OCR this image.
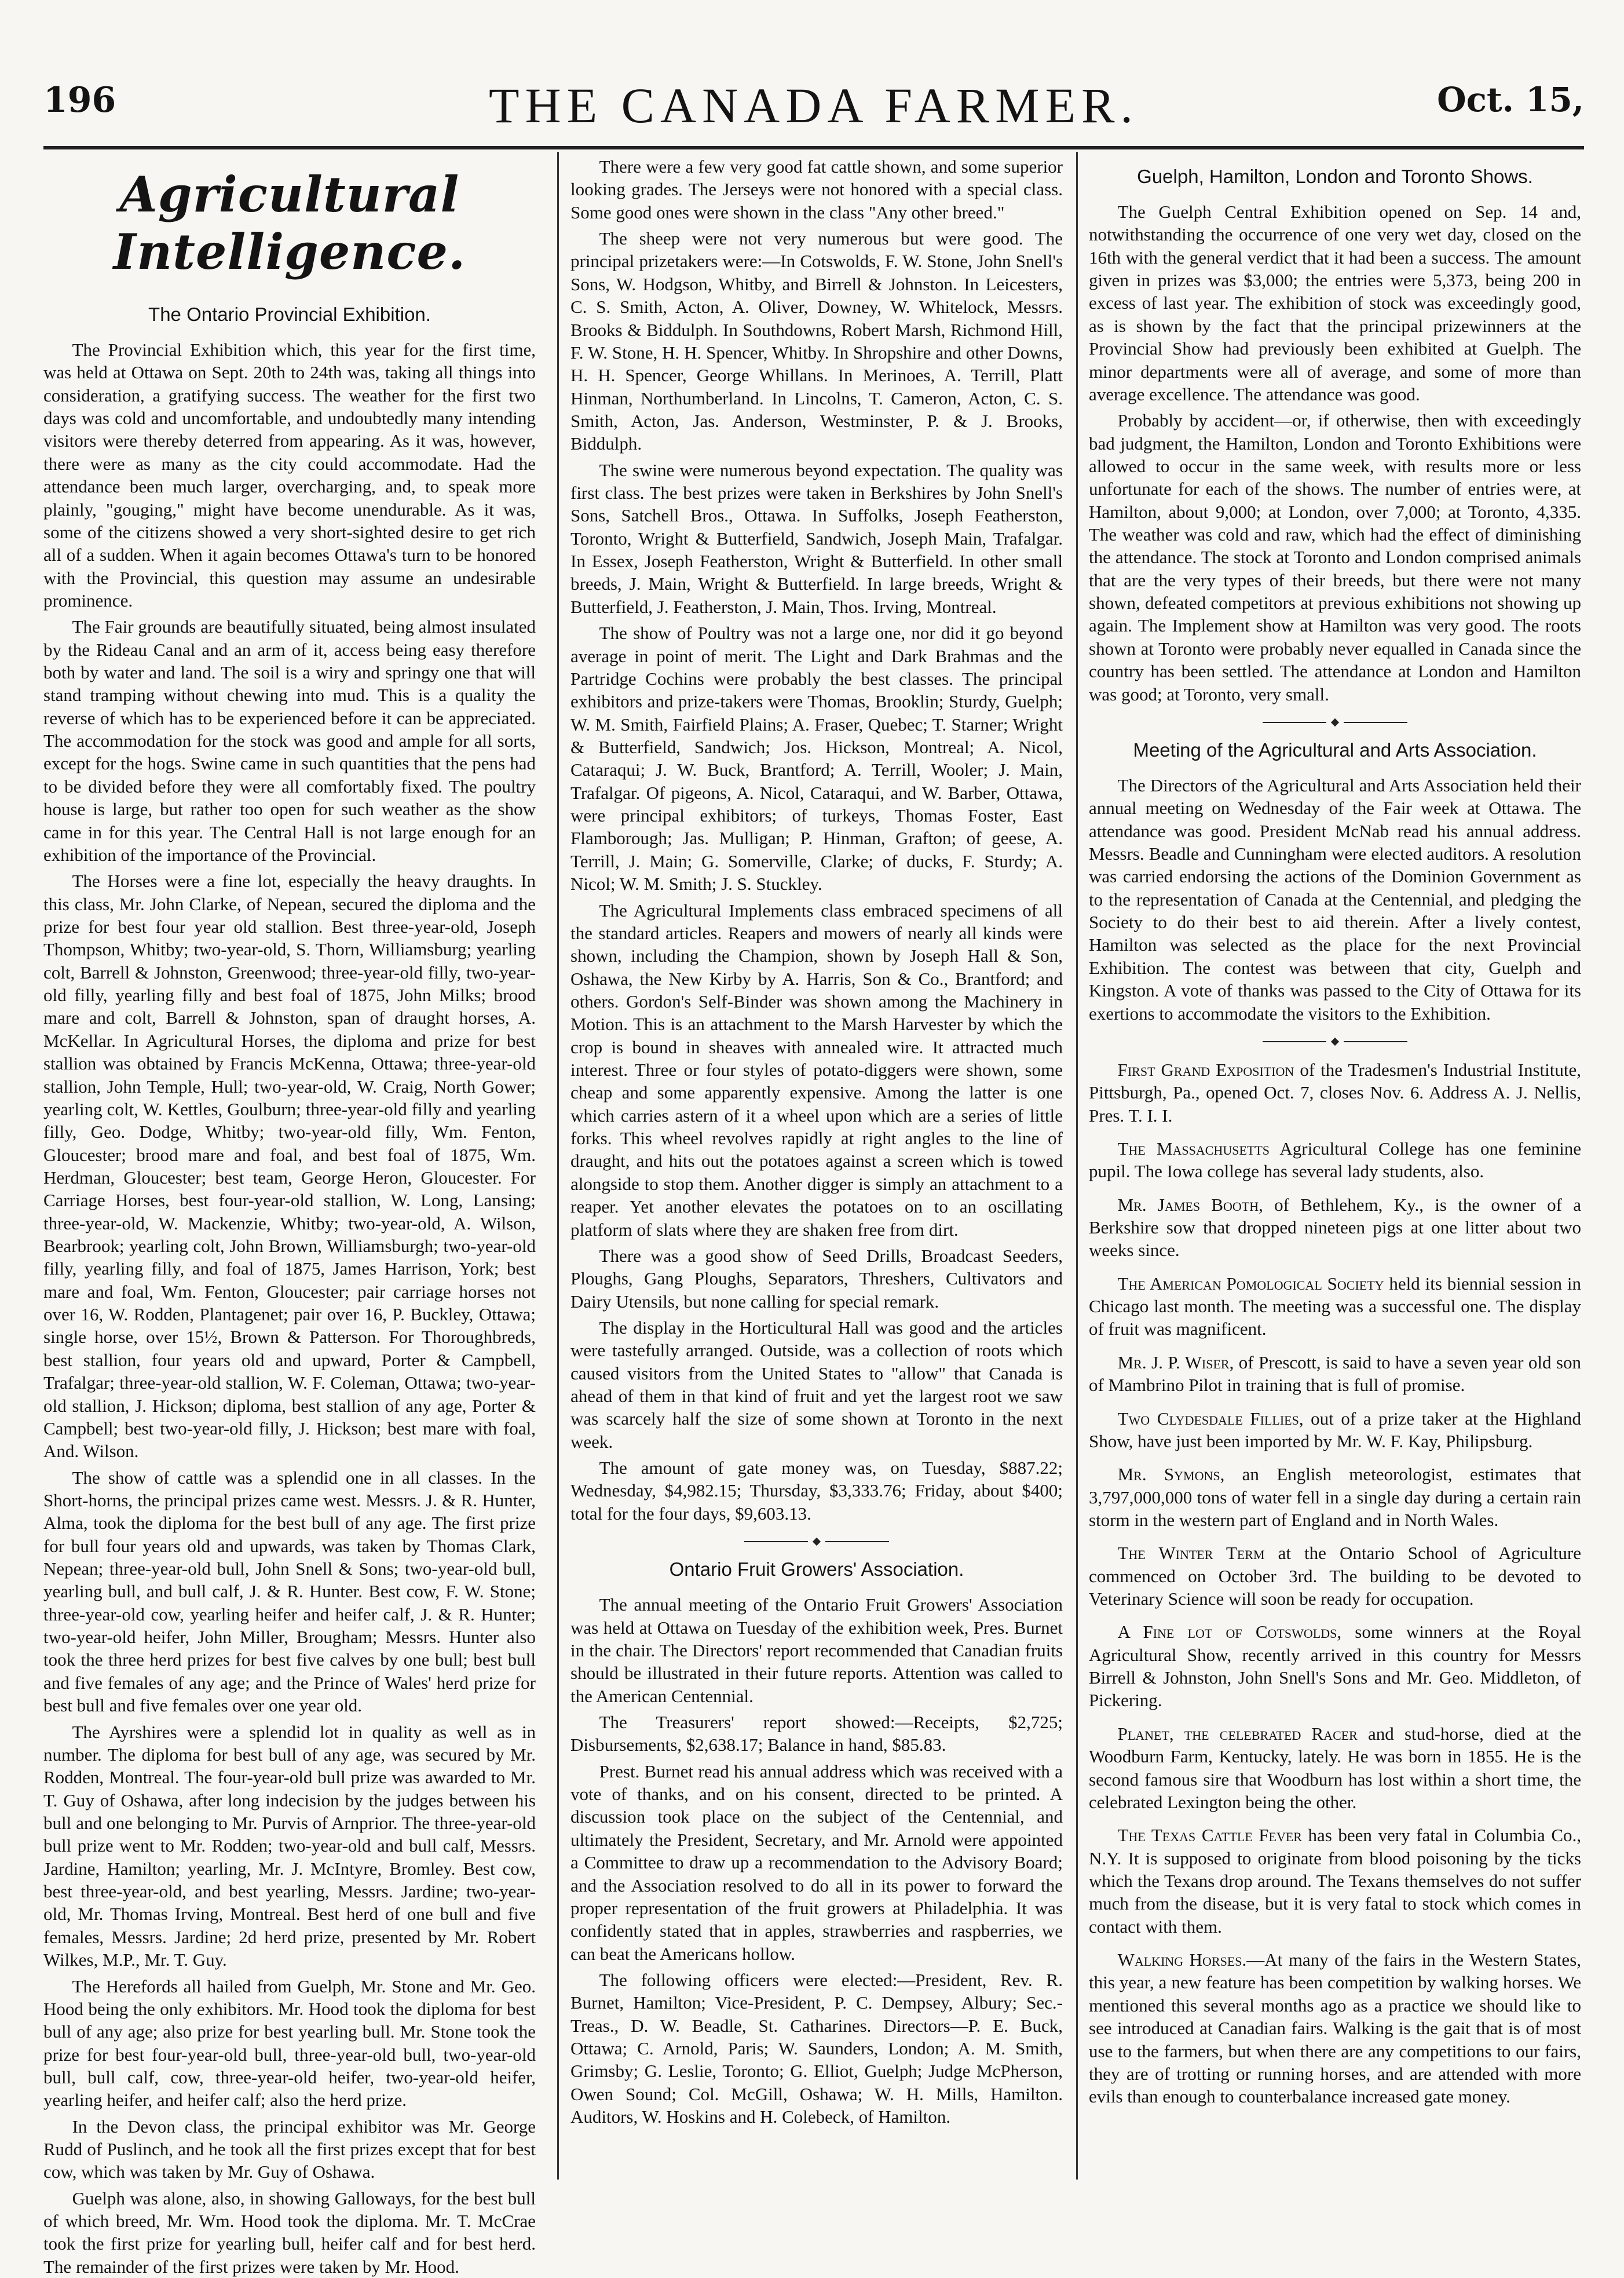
196	THE CANADA FARMER.	Oct. 15,
Agricultural Intelligence.
The Ontario Provincial Exhibition.

The Provincial Exhibition which, this year for the first time, was held at Ottawa on Sept. 20th to 24th was, taking all things into consideration, a gratifying success. The weather for the first two days was cold and uncomfortable, and undoubtedly many intending visitors were thereby deterred from appearing. As it was, however, there were as many as the city could accommodate. Had the attendance been much larger, overcharging, and, to speak more plainly, "gouging," might have become unendurable. As it was, some of the citizens showed a very short-sighted desire to get rich all of a sudden. When it again becomes Ottawa's turn to be honored with the Provincial, this question may assume an undesirable prominence.

The Fair grounds are beautifully situated, being almost insulated by the Rideau Canal and an arm of it, access being easy therefore both by water and land. The soil is a wiry and springy one that will stand tramping without chewing into mud. This is a quality the reverse of which has to be experienced before it can be appreciated. The accommodation for the stock was good and ample for all sorts, except for the hogs. Swine came in such quantities that the pens had to be divided before they were all comfortably fixed. The poultry house is large, but rather too open for such weather as the show came in for this year. The Central Hall is not large enough for an exhibition of the importance of the Provincial.

The Horses were a fine lot, especially the heavy draughts. In this class, Mr. John Clarke, of Nepean, secured the diploma and the prize for best four year old stallion. Best three-year-old, Joseph Thompson, Whitby; two-year-old, S. Thorn, Williamsburg; yearling colt, Barrell & Johnston, Greenwood; three-year-old filly, two-year-old filly, yearling filly and best foal of 1875, John Milks; brood mare and colt, Barrell & Johnston, span of draught horses, A. McKellar. In Agricultural Horses, the diploma and prize for best stallion was obtained by Francis McKenna, Ottawa; three-year-old stallion, John Temple, Hull; two-year-old, W. Craig, North Gower; yearling colt, W. Kettles, Goulburn; three-year-old filly and yearling filly, Geo. Dodge, Whitby; two-year-old filly, Wm. Fenton, Gloucester; brood mare and foal, and best foal of 1875, Wm. Herdman, Gloucester; best team, George Heron, Gloucester. For Carriage Horses, best four-year-old stallion, W. Long, Lansing; three-year-old, W. Mackenzie, Whitby; two-year-old, A. Wilson, Bearbrook; yearling colt, John Brown, Williamsburgh; two-year-old filly, yearling filly, and foal of 1875, James Harrison, York; best mare and foal, Wm. Fenton, Gloucester; pair carriage horses not over 16, W. Rodden, Plantagenet; pair over 16, P. Buckley, Ottawa; single horse, over 15½, Brown & Patterson. For Thoroughbreds, best stallion, four years old and upward, Porter & Campbell, Trafalgar; three-year-old stallion, W. F. Coleman, Ottawa; two-year-old stallion, J. Hickson; diploma, best stallion of any age, Porter & Campbell; best two-year-old filly, J. Hickson; best mare with foal, And. Wilson.

The show of cattle was a splendid one in all classes. In the Short-horns, the principal prizes came west. Messrs. J. & R. Hunter, Alma, took the diploma for the best bull of any age. The first prize for bull four years old and upwards, was taken by Thomas Clark, Nepean; three-year-old bull, John Snell & Sons; two-year-old bull, yearling bull, and bull calf, J. & R. Hunter. Best cow, F. W. Stone; three-year-old cow, yearling heifer and heifer calf, J. & R. Hunter; two-year-old heifer, John Miller, Brougham; Messrs. Hunter also took the three herd prizes for best five calves by one bull; best bull and five females of any age; and the Prince of Wales' herd prize for best bull and five females over one year old.

The Ayrshires were a splendid lot in quality as well as in number. The diploma for best bull of any age, was secured by Mr. Rodden, Montreal. The four-year-old bull prize was awarded to Mr. T. Guy of Oshawa, after long indecision by the judges between his bull and one belonging to Mr. Purvis of Arnprior. The three-year-old bull prize went to Mr. Rodden; two-year-old and bull calf, Messrs. Jardine, Hamilton; yearling, Mr. J. McIntyre, Bromley. Best cow, best three-year-old, and best yearling, Messrs. Jardine; two-year-old, Mr. Thomas Irving, Montreal. Best herd of one bull and five females, Messrs. Jardine; 2d herd prize, presented by Mr. Robert Wilkes, M.P., Mr. T. Guy.

The Herefords all hailed from Guelph, Mr. Stone and Mr. Geo. Hood being the only exhibitors. Mr. Hood took the diploma for best bull of any age; also prize for best yearling bull. Mr. Stone took the prize for best four-year-old bull, three-year-old bull, two-year-old bull, bull calf, cow, three-year-old heifer, two-year-old heifer, yearling heifer, and heifer calf; also the herd prize.

In the Devon class, the principal exhibitor was Mr. George Rudd of Puslinch, and he took all the first prizes except that for best cow, which was taken by Mr. Guy of Oshawa.

Guelph was alone, also, in showing Galloways, for the best bull of which breed, Mr. Wm. Hood took the diploma. Mr. T. McCrae took the first prize for yearling bull, heifer calf and for best herd. The remainder of the first prizes were taken by Mr. Hood.

There were a few very good fat cattle shown, and some superior looking grades. The Jerseys were not honored with a special class. Some good ones were shown in the class "Any other breed."

The sheep were not very numerous but were good. The principal prizetakers were:—In Cotswolds, F. W. Stone, John Snell's Sons, W. Hodgson, Whitby, and Birrell & Johnston. In Leicesters, C. S. Smith, Acton, A. Oliver, Downey, W. Whitelock, Messrs. Brooks & Biddulph. In Southdowns, Robert Marsh, Richmond Hill, F. W. Stone, H. H. Spencer, Whitby. In Shropshire and other Downs, H. H. Spencer, George Whillans. In Merinoes, A. Terrill, Platt Hinman, Northumberland. In Lincolns, T. Cameron, Acton, C. S. Smith, Acton, Jas. Anderson, Westminster, P. & J. Brooks, Biddulph.

The swine were numerous beyond expectation. The quality was first class. The best prizes were taken in Berkshires by John Snell's Sons, Satchell Bros., Ottawa. In Suffolks, Joseph Featherston, Toronto, Wright & Butterfield, Sandwich, Joseph Main, Trafalgar. In Essex, Joseph Featherston, Wright & Butterfield. In other small breeds, J. Main, Wright & Butterfield. In large breeds, Wright & Butterfield, J. Featherston, J. Main, Thos. Irving, Montreal.

The show of Poultry was not a large one, nor did it go beyond average in point of merit. The Light and Dark Brahmas and the Partridge Cochins were probably the best classes. The principal exhibitors and prize-takers were Thomas, Brooklin; Sturdy, Guelph; W. M. Smith, Fairfield Plains; A. Fraser, Quebec; T. Starner; Wright & Butterfield, Sandwich; Jos. Hickson, Montreal; A. Nicol, Cataraqui; J. W. Buck, Brantford; A. Terrill, Wooler; J. Main, Trafalgar. Of pigeons, A. Nicol, Cataraqui, and W. Barber, Ottawa, were principal exhibitors; of turkeys, Thomas Foster, East Flamborough; Jas. Mulligan; P. Hinman, Grafton; of geese, A. Terrill, J. Main; G. Somerville, Clarke; of ducks, F. Sturdy; A. Nicol; W. M. Smith; J. S. Stuckley.

The Agricultural Implements class embraced specimens of all the standard articles. Reapers and mowers of nearly all kinds were shown, including the Champion, shown by Joseph Hall & Son, Oshawa, the New Kirby by A. Harris, Son & Co., Brantford; and others. Gordon's Self-Binder was shown among the Machinery in Motion. This is an attachment to the Marsh Harvester by which the crop is bound in sheaves with annealed wire. It attracted much interest. Three or four styles of potato-diggers were shown, some cheap and some apparently expensive. Among the latter is one which carries astern of it a wheel upon which are a series of little forks. This wheel revolves rapidly at right angles to the line of draught, and hits out the potatoes against a screen which is towed alongside to stop them. Another digger is simply an attachment to a reaper. Yet another elevates the potatoes on to an oscillating platform of slats where they are shaken free from dirt.

There was a good show of Seed Drills, Broadcast Seeders, Ploughs, Gang Ploughs, Separators, Threshers, Cultivators and Dairy Utensils, but none calling for special remark.

The display in the Horticultural Hall was good and the articles were tastefully arranged. Outside, was a collection of roots which caused visitors from the United States to "allow" that Canada is ahead of them in that kind of fruit and yet the largest root we saw was scarcely half the size of some shown at Toronto in the next week.

The amount of gate money was, on Tuesday, $887.22; Wednesday, $4,982.15; Thursday, $3,333.76; Friday, about $400; total for the four days, $9,603.13.

Ontario Fruit Growers' Association.

The annual meeting of the Ontario Fruit Growers' Association was held at Ottawa on Tuesday of the exhibition week, Pres. Burnet in the chair. The Directors' report recommended that Canadian fruits should be illustrated in their future reports. Attention was called to the American Centennial.

The Treasurers' report showed:—Receipts, $2,725; Disbursements, $2,638.17; Balance in hand, $85.83.

Prest. Burnet read his annual address which was received with a vote of thanks, and on his consent, directed to be printed. A discussion took place on the subject of the Centennial, and ultimately the President, Secretary, and Mr. Arnold were appointed a Committee to draw up a recommendation to the Advisory Board; and the Association resolved to do all in its power to forward the proper representation of the fruit growers at Philadelphia. It was confidently stated that in apples, strawberries and raspberries, we can beat the Americans hollow.

The following officers were elected:—President, Rev. R. Burnet, Hamilton; Vice-President, P. C. Dempsey, Albury; Sec.-Treas., D. W. Beadle, St. Catharines. Directors—P. E. Buck, Ottawa; C. Arnold, Paris; W. Saunders, London; A. M. Smith, Grimsby; G. Leslie, Toronto; G. Elliot, Guelph; Judge McPherson, Owen Sound; Col. McGill, Oshawa; W. H. Mills, Hamilton. Auditors, W. Hoskins and H. Colebeck, of Hamilton.

Guelph, Hamilton, London and Toronto Shows.

The Guelph Central Exhibition opened on Sep. 14 and, notwithstanding the occurrence of one very wet day, closed on the 16th with the general verdict that it had been a success. The amount given in prizes was $3,000; the entries were 5,373, being 200 in excess of last year. The exhibition of stock was exceedingly good, as is shown by the fact that the principal prizewinners at the Provincial Show had previously been exhibited at Guelph. The minor departments were all of average, and some of more than average excellence. The attendance was good.

Probably by accident—or, if otherwise, then with exceedingly bad judgment, the Hamilton, London and Toronto Exhibitions were allowed to occur in the same week, with results more or less unfortunate for each of the shows. The number of entries were, at Hamilton, about 9,000; at London, over 7,000; at Toronto, 4,335. The weather was cold and raw, which had the effect of diminishing the attendance. The stock at Toronto and London comprised animals that are the very types of their breeds, but there were not many shown, defeated competitors at previous exhibitions not showing up again. The Implement show at Hamilton was very good. The roots shown at Toronto were probably never equalled in Canada since the country has been settled. The attendance at London and Hamilton was good; at Toronto, very small.

Meeting of the Agricultural and Arts Association.

The Directors of the Agricultural and Arts Association held their annual meeting on Wednesday of the Fair week at Ottawa. The attendance was good. President McNab read his annual address. Messrs. Beadle and Cunningham were elected auditors. A resolution was carried endorsing the actions of the Dominion Government as to the representation of Canada at the Centennial, and pledging the Society to do their best to aid therein. After a lively contest, Hamilton was selected as the place for the next Provincial Exhibition. The contest was between that city, Guelph and Kingston. A vote of thanks was passed to the City of Ottawa for its exertions to accommodate the visitors to the Exhibition.

First Grand Exposition of the Tradesmen's Industrial Institute, Pittsburgh, Pa., opened Oct. 7, closes Nov. 6. Address A. J. Nellis, Pres. T. I. I.

The Massachusetts Agricultural College has one feminine pupil. The Iowa college has several lady students, also.

Mr. James Booth, of Bethlehem, Ky., is the owner of a Berkshire sow that dropped nineteen pigs at one litter about two weeks since.

The American Pomological Society held its biennial session in Chicago last month. The meeting was a successful one. The display of fruit was magnificent.

Mr. J. P. Wiser, of Prescott, is said to have a seven year old son of Mambrino Pilot in training that is full of promise.

Two Clydesdale Fillies, out of a prize taker at the Highland Show, have just been imported by Mr. W. F. Kay, Philipsburg.

Mr. Symons, an English meteorologist, estimates that 3,797,000,000 tons of water fell in a single day during a certain rain storm in the western part of England and in North Wales.

The Winter Term at the Ontario School of Agriculture commenced on October 3rd. The building to be devoted to Veterinary Science will soon be ready for occupation.

A Fine lot of Cotswolds, some winners at the Royal Agricultural Show, recently arrived in this country for Messrs Birrell & Johnston, John Snell's Sons and Mr. Geo. Middleton, of Pickering.

Planet, the celebrated Racer and stud-horse, died at the Woodburn Farm, Kentucky, lately. He was born in 1855. He is the second famous sire that Woodburn has lost within a short time, the celebrated Lexington being the other.

The Texas Cattle Fever has been very fatal in Columbia Co., N.Y. It is supposed to originate from blood poisoning by the ticks which the Texans drop around. The Texans themselves do not suffer much from the disease, but it is very fatal to stock which comes in contact with them.

Walking Horses.—At many of the fairs in the Western States, this year, a new feature has been competition by walking horses. We mentioned this several months ago as a practice we should like to see introduced at Canadian fairs. Walking is the gait that is of most use to the farmers, but when there are any competitions to our fairs, they are of trotting or running horses, and are attended with more evils than enough to counterbalance increased gate money.
